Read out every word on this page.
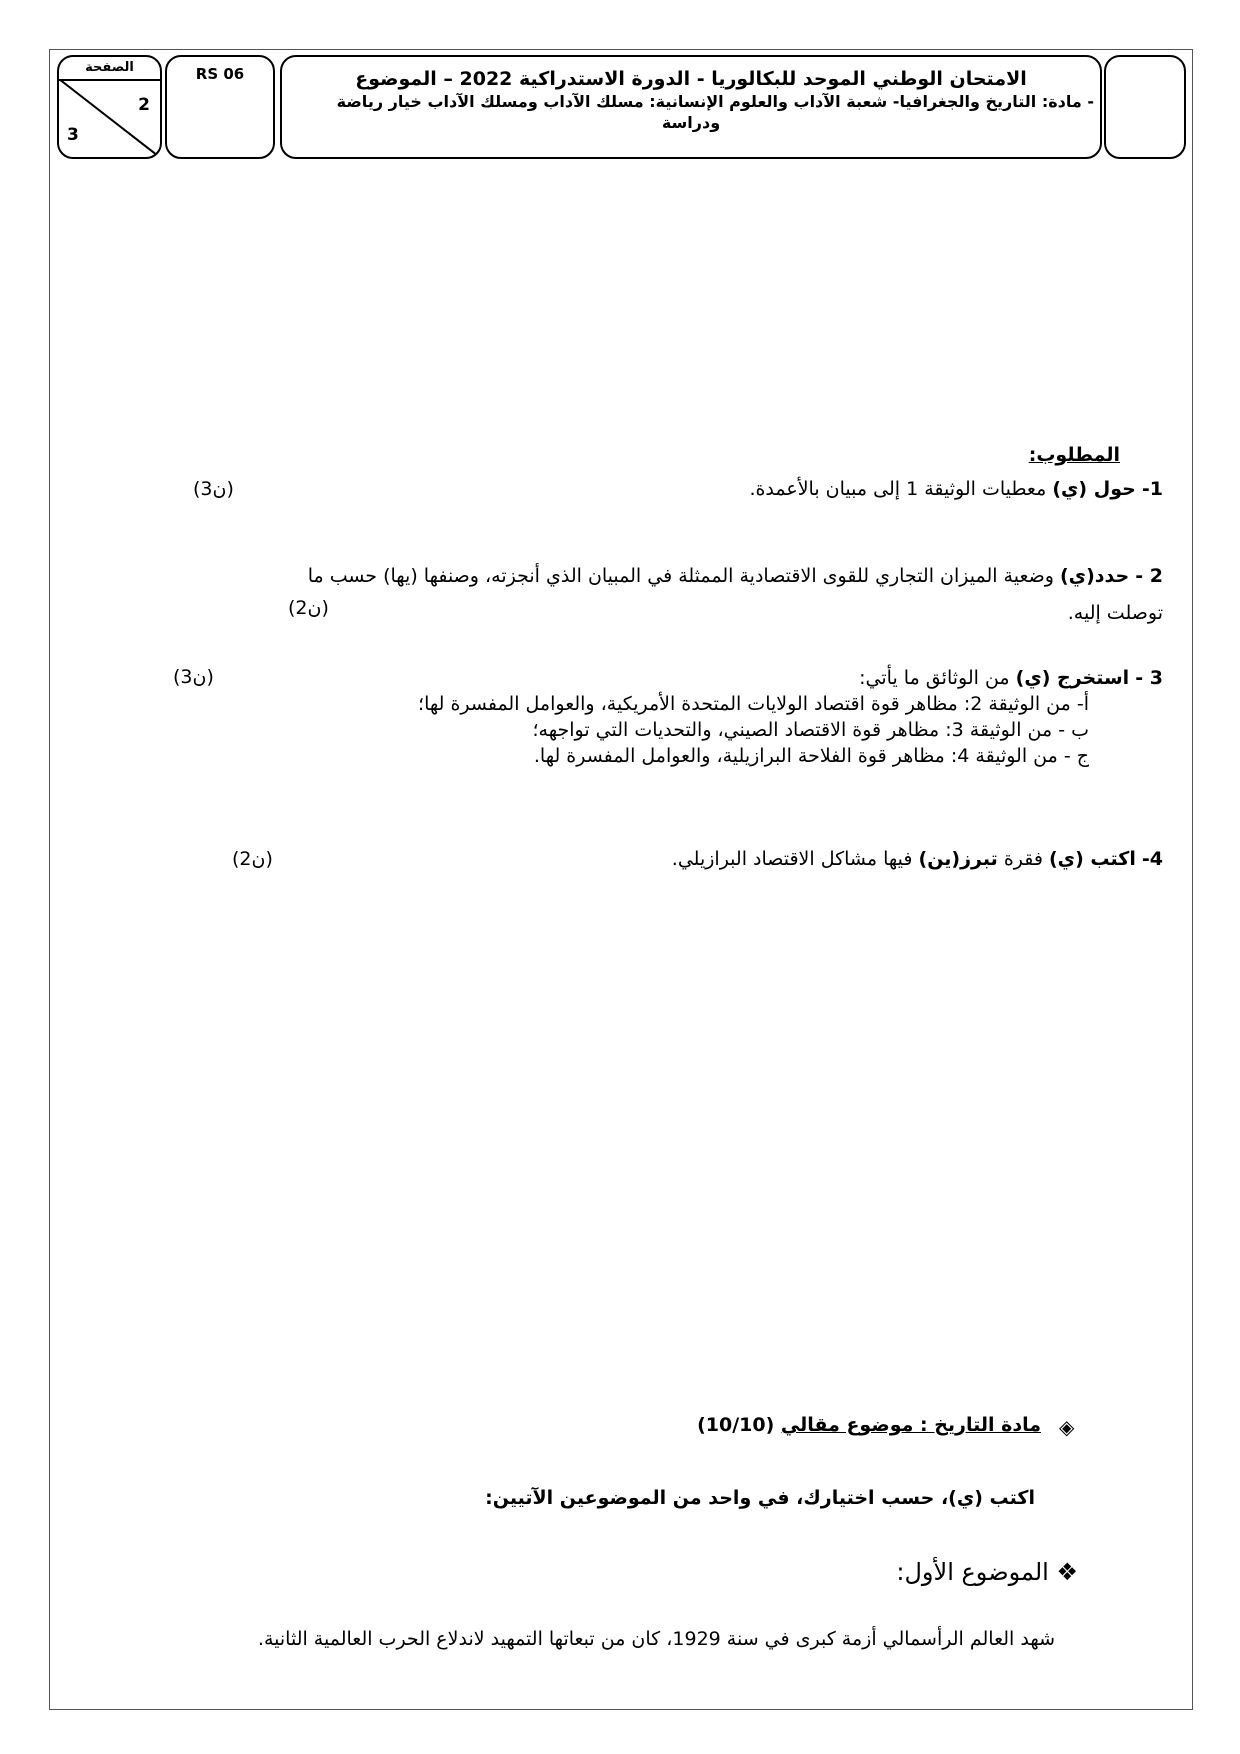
الصفحة
2
3
RS 06	الامتحان الوطني الموحد للبكالوريا - الدورة الاستدراكية 2022 – الموضوع
- مادة: التاريخ والجغرافيا- شعبة الآداب والعلوم الإنسانية: مسلك الآداب ومسلك الآداب خيار رياضة
ودراسة
المطلوب:
1- حول (ي) معطيات الوثيقة 1 إلى مبيان بالأعمدة.
(3ن)
2 - حدد(ي) وضعية الميزان التجاري للقوى الاقتصادية الممثلة في المبيان الذي أنجزته، وصنفها (يها) حسب ما
توصلت إليه.
(2ن)
3 - استخرج (ي) من الوثائق ما يأتي:
(3ن)
أ- من الوثيقة 2: مظاهر قوة اقتصاد الولايات المتحدة الأمريكية، والعوامل المفسرة لها؛
ب - من الوثيقة 3: مظاهر قوة الاقتصاد الصيني، والتحديات التي تواجهه؛
ج - من الوثيقة 4: مظاهر قوة الفلاحة البرازيلية، والعوامل المفسرة لها.
4- اكتب (ي) فقرة تبرز(ين) فيها مشاكل الاقتصاد البرازيلي.
(2ن)
◈
مادة التاريخ : موضوع مقالي (10/10)
اكتب (ي)، حسب اختيارك، في واحد من الموضوعين الآتيين:
❖ الموضوع الأول:
شهد العالم الرأسمالي أزمة كبرى في سنة 1929، كان من تبعاتها التمهيد لاندلاع الحرب العالمية الثانية.
